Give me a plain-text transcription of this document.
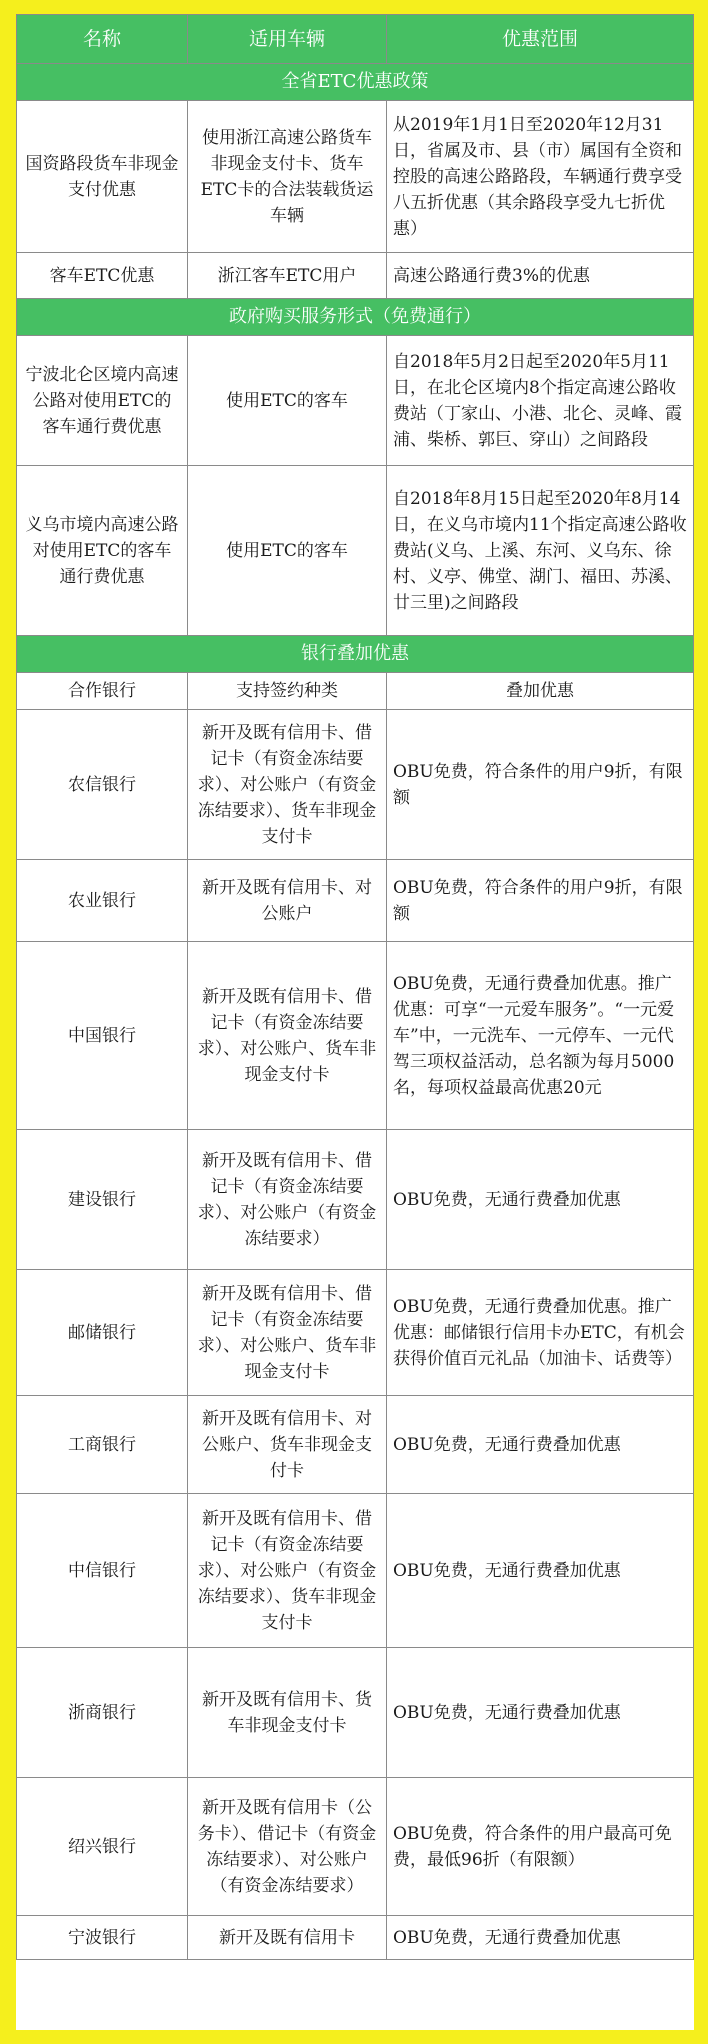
名称	适用车辆	优惠范围
全省ETC优惠政策		
国资路段货车非现金支付优惠	使用浙江高速公路货车非现金支付卡、货车ETC卡的合法装载货运车辆	从2019年1月1日至2020年12月31日，省属及市、县（市）属国有全资和控股的高速公路路段，车辆通行费享受八五折优惠（其余路段享受九七折优惠）
客车ETC优惠	浙江客车ETC用户	高速公路通行费3%的优惠
政府购买服务形式（免费通行）		
宁波北仑区境内高速公路对使用ETC的客车通行费优惠	使用ETC的客车	自2018年5月2日起至2020年5月11日，在北仑区境内8个指定高速公路收费站（丁家山、小港、北仑、灵峰、霞浦、柴桥、郭巨、穿山）之间路段
义乌市境内高速公路对使用ETC的客车通行费优惠	使用ETC的客车	自2018年8月15日起至2020年8月14日，在义乌市境内11个指定高速公路收费站(义乌、上溪、东河、义乌东、徐村、义亭、佛堂、湖门、福田、苏溪、廿三里)之间路段
银行叠加优惠		
合作银行	支持签约种类	叠加优惠
农信银行	新开及既有信用卡、借记卡（有资金冻结要求）、对公账户（有资金冻结要求）、货车非现金支付卡	OBU免费，符合条件的用户9折，有限额
农业银行	新开及既有信用卡、对公账户	OBU免费，符合条件的用户9折，有限额
中国银行	新开及既有信用卡、借记卡（有资金冻结要求）、对公账户、货车非现金支付卡	OBU免费，无通行费叠加优惠。推广优惠：可享“一元爱车服务”。“一元爱车”中，一元洗车、一元停车、一元代驾三项权益活动，总名额为每月5000名，每项权益最高优惠20元
建设银行	新开及既有信用卡、借记卡（有资金冻结要求）、对公账户（有资金冻结要求）	OBU免费，无通行费叠加优惠
邮储银行	新开及既有信用卡、借记卡（有资金冻结要求）、对公账户、货车非现金支付卡	OBU免费，无通行费叠加优惠。推广优惠：邮储银行信用卡办ETC，有机会获得价值百元礼品（加油卡、话费等）
工商银行	新开及既有信用卡、对公账户、货车非现金支付卡	OBU免费，无通行费叠加优惠
中信银行	新开及既有信用卡、借记卡（有资金冻结要求）、对公账户（有资金冻结要求）、货车非现金支付卡	OBU免费，无通行费叠加优惠
浙商银行	新开及既有信用卡、货车非现金支付卡	OBU免费，无通行费叠加优惠
绍兴银行	新开及既有信用卡（公务卡）、借记卡（有资金冻结要求）、对公账户（有资金冻结要求）	OBU免费，符合条件的用户最高可免费，最低96折（有限额）
宁波银行	新开及既有信用卡	OBU免费，无通行费叠加优惠
